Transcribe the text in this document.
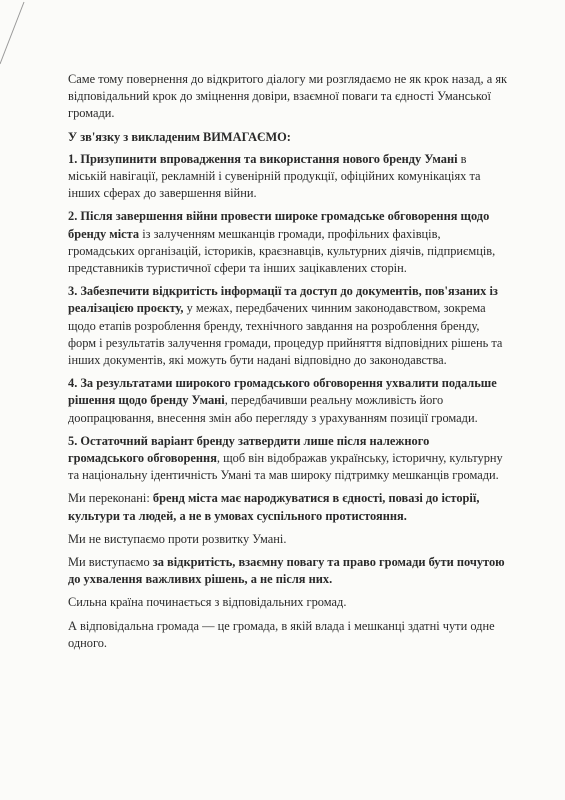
Саме тому повернення до відкритого діалогу ми розглядаємо не як крок назад, а як відповідальний крок до зміцнення довіри, взаємної поваги та єдності Уманської громади.

У зв'язку з викладеним ВИМАГАЄМО:

1. Призупинити впровадження та використання нового бренду Умані в міській навігації, рекламній і сувенірній продукції, офіційних комунікаціях та інших сферах до завершення війни.

2. Після завершення війни провести широке громадське обговорення щодо бренду міста із залученням мешканців громади, профільних фахівців, громадських організацій, істориків, краєзнавців, культурних діячів, підприємців, представників туристичної сфери та інших зацікавлених сторін.

3. Забезпечити відкритість інформації та доступ до документів, пов'язаних із реалізацією проєкту, у межах, передбачених чинним законодавством, зокрема щодо етапів розроблення бренду, технічного завдання на розроблення бренду, форм і результатів залучення громади, процедур прийняття відповідних рішень та інших документів, які можуть бути надані відповідно до законодавства.

4. За результатами широкого громадського обговорення ухвалити подальше рішення щодо бренду Умані, передбачивши реальну можливість його доопрацювання, внесення змін або перегляду з урахуванням позиції громади.

5. Остаточний варіант бренду затвердити лише після належного громадського обговорення, щоб він відображав українську, історичну, культурну та національну ідентичність Умані та мав широку підтримку мешканців громади.

Ми переконані: бренд міста має народжуватися в єдності, повазі до історії, культури та людей, а не в умовах суспільного протистояння.

Ми не виступаємо проти розвитку Умані.

Ми виступаємо за відкритість, взаємну повагу та право громади бути почутою до ухвалення важливих рішень, а не після них.

Сильна країна починається з відповідальних громад.

А відповідальна громада — це громада, в якій влада і мешканці здатні чути одне одного.
